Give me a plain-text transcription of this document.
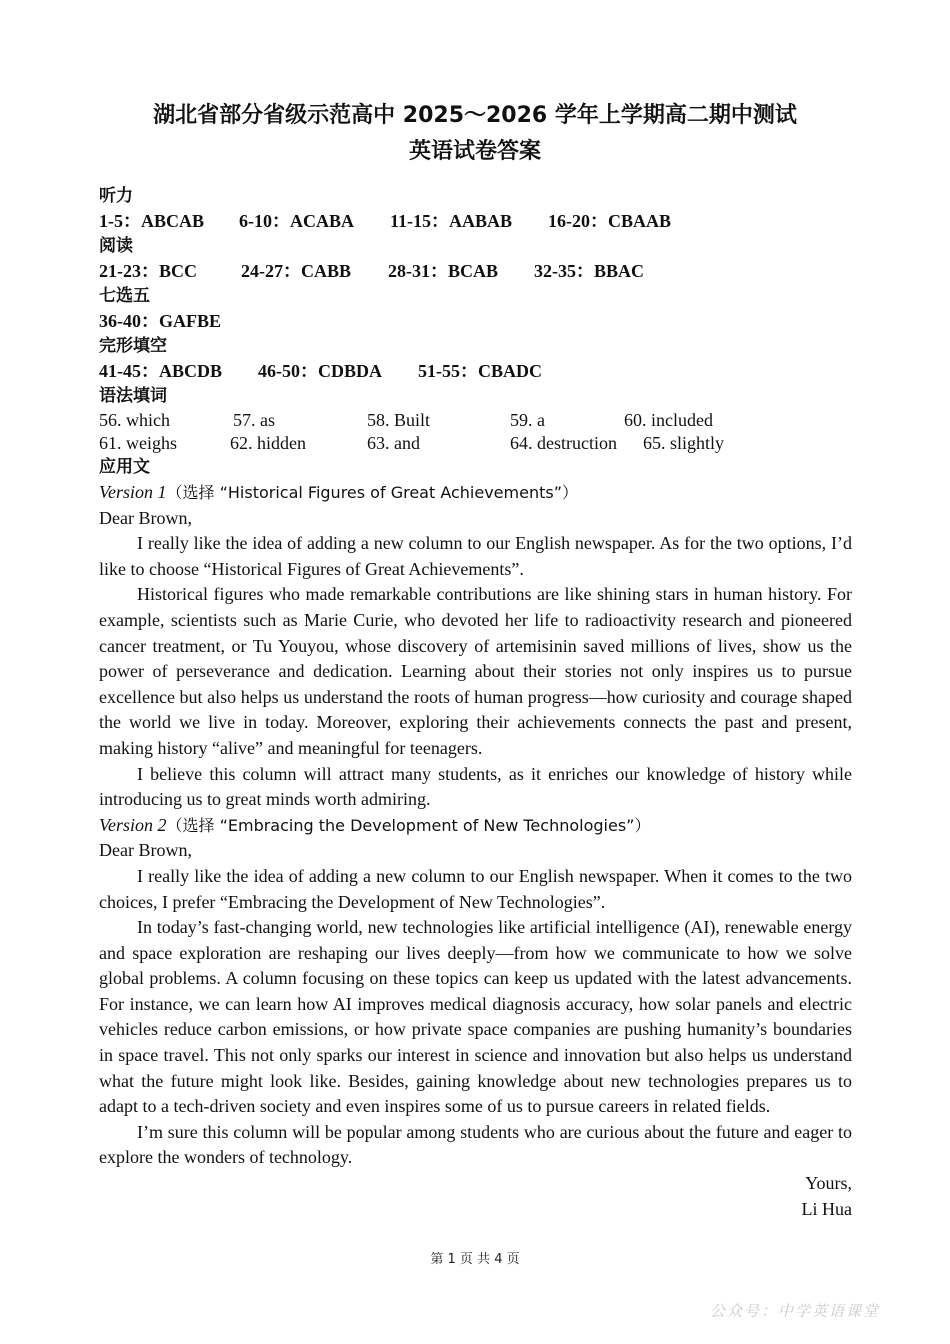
湖北省部分省级示范高中 2025～2026 学年上学期高二期中测试
英语试卷答案
听力
1-5：ABCAB 6-10：ACABA 11-15：AABAB 16-20：CBAAB
阅读
21-23：BCC 24-27：CABB 28-31：BCAB 32-35：BBAC
七选五
36-40：GAFBE
完形填空
41-45：ABCDB 46-50：CDBDA 51-55：CBADC
语法填词
56. which	57. as	58. Built	59. a	60. included
61. weighs	62. hidden	63. and	64. destruction 65. slightly
应用文

Version 1（选择 “Historical Figures of Great Achievements”）

Dear Brown,

I really like the idea of adding a new column to our English newspaper. As for the two options, I’d like to choose “Historical Figures of Great Achievements”.

Historical figures who made remarkable contributions are like shining stars in human history. For example, scientists such as Marie Curie, who devoted her life to radioactivity research and pioneered cancer treatment, or Tu Youyou, whose discovery of artemisinin saved millions of lives, show us the power of perseverance and dedication. Learning about their stories not only inspires us to pursue excellence but also helps us understand the roots of human progress—how curiosity and courage shaped the world we live in today. Moreover, exploring their achievements connects the past and present, making history “alive” and meaningful for teenagers.

I believe this column will attract many students, as it enriches our knowledge of history while introducing us to great minds worth admiring.

Version 2（选择 “Embracing the Development of New Technologies”）

Dear Brown,

I really like the idea of adding a new column to our English newspaper. When it comes to the two choices, I prefer “Embracing the Development of New Technologies”.

In today’s fast-changing world, new technologies like artificial intelligence (AI), renewable energy and space exploration are reshaping our lives deeply—from how we communicate to how we solve global problems. A column focusing on these topics can keep us updated with the latest advancements. For instance, we can learn how AI improves medical diagnosis accuracy, how solar panels and electric vehicles reduce carbon emissions, or how private space companies are pushing humanity’s boundaries in space travel. This not only sparks our interest in science and innovation but also helps us understand what the future might look like. Besides, gaining knowledge about new technologies prepares us to adapt to a tech-driven society and even inspires some of us to pursue careers in related fields.

I’m sure this column will be popular among students who are curious about the future and eager to explore the wonders of technology.

Yours,

Li Hua

第 1 页 共 4 页
公众号：中学英语课堂
